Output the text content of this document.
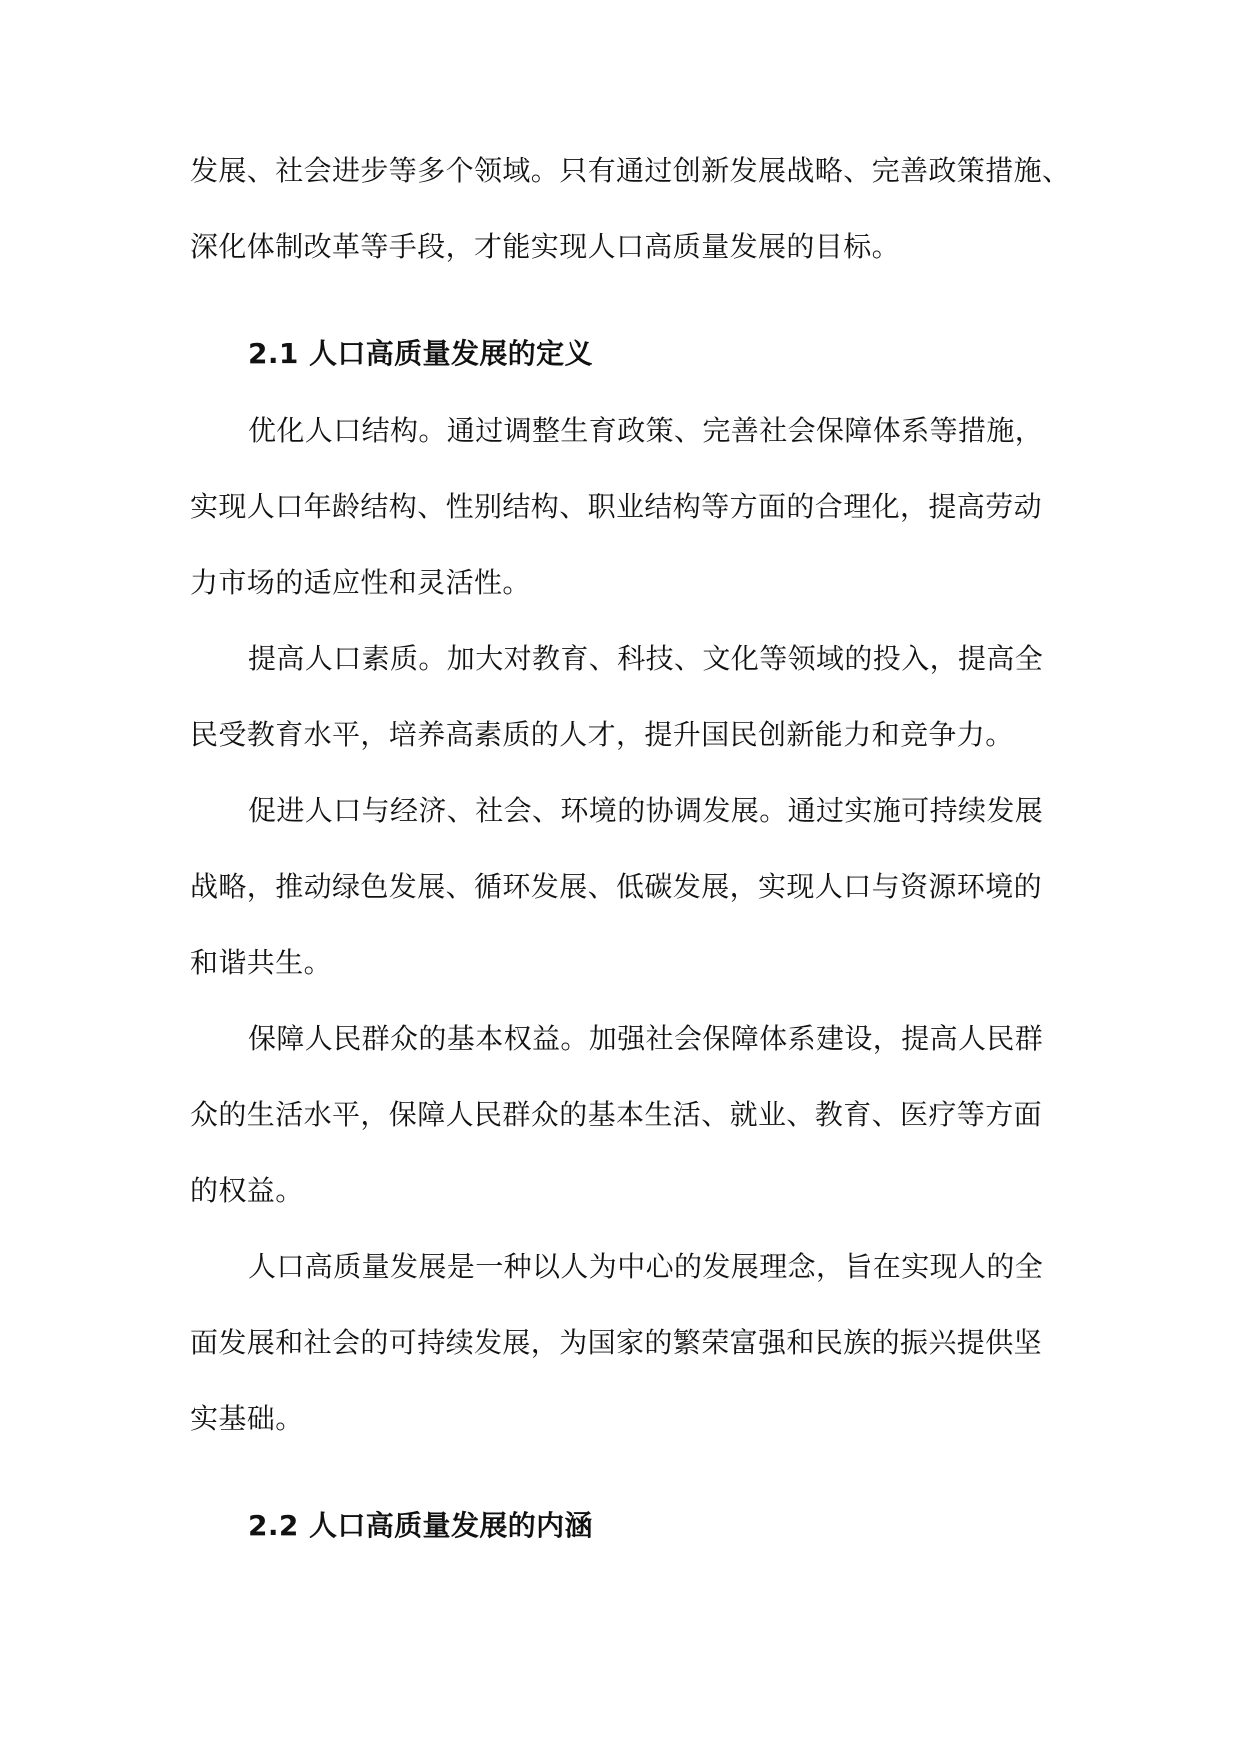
发展、社会进步等多个领域。只有通过创新发展战略、完善政策措施、
深化体制改革等手段，才能实现人口高质量发展的目标。
2.1 人口高质量发展的定义
优化人口结构。通过调整生育政策、完善社会保障体系等措施，
实现人口年龄结构、性别结构、职业结构等方面的合理化，提高劳动
力市场的适应性和灵活性。
提高人口素质。加大对教育、科技、文化等领域的投入，提高全
民受教育水平，培养高素质的人才，提升国民创新能力和竞争力。
促进人口与经济、社会、环境的协调发展。通过实施可持续发展
战略，推动绿色发展、循环发展、低碳发展，实现人口与资源环境的
和谐共生。
保障人民群众的基本权益。加强社会保障体系建设，提高人民群
众的生活水平，保障人民群众的基本生活、就业、教育、医疗等方面
的权益。
人口高质量发展是一种以人为中心的发展理念，旨在实现人的全
面发展和社会的可持续发展，为国家的繁荣富强和民族的振兴提供坚
实基础。
2.2 人口高质量发展的内涵
